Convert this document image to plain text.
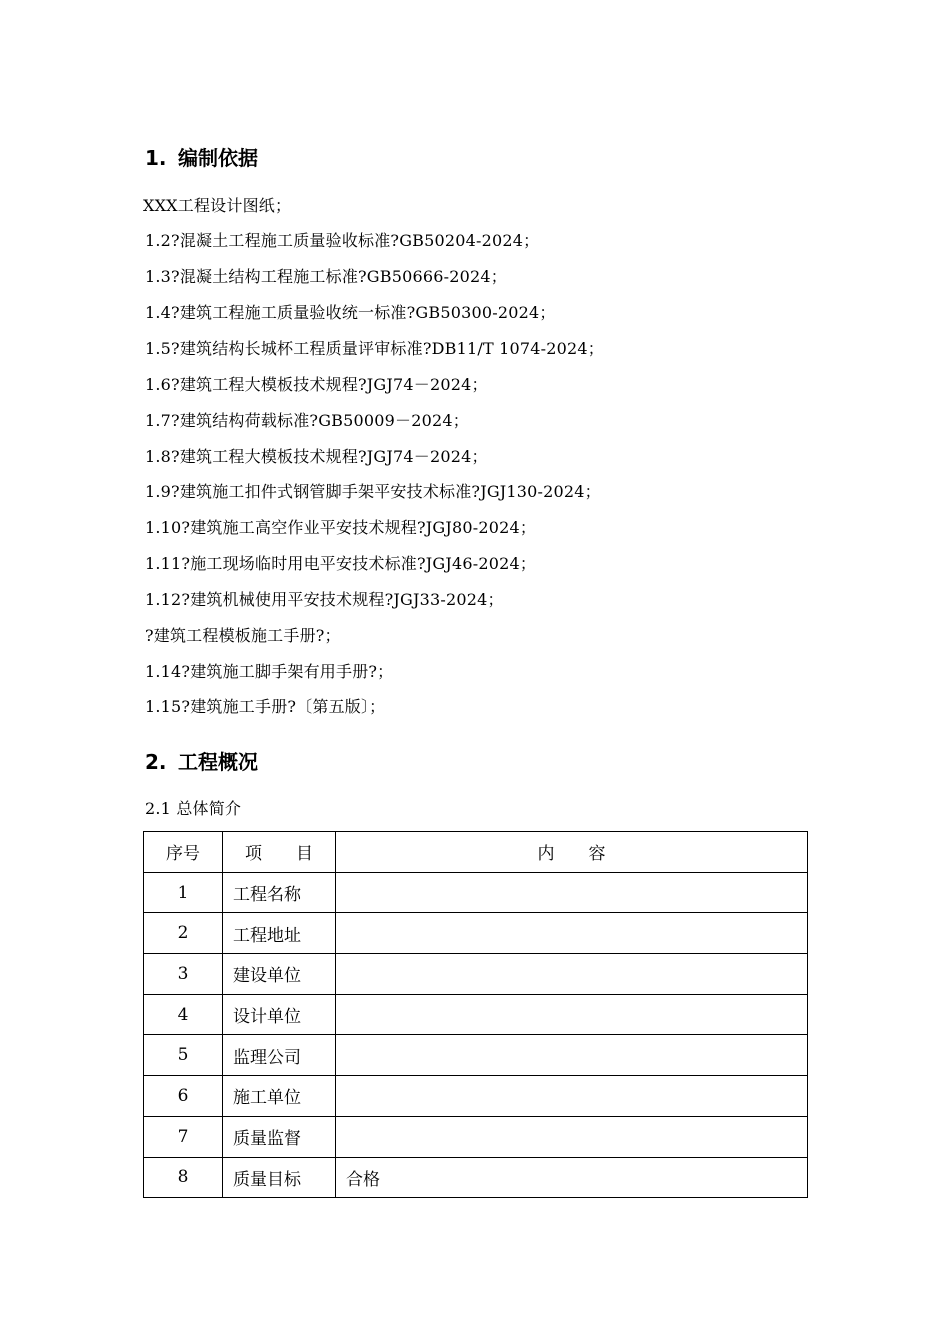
1. 编制依据
XXX工程设计图纸；
1.2?混凝土工程施工质量验收标准?GB50204-2024；
1.3?混凝土结构工程施工标准?GB50666-2024；
1.4?建筑工程施工质量验收统一标准?GB50300-2024；
1.5?建筑结构长城杯工程质量评审标准?DB11/T 1074-2024；
1.6?建筑工程大模板技术规程?JGJ74－2024；
1.7?建筑结构荷载标准?GB50009－2024；
1.8?建筑工程大模板技术规程?JGJ74－2024；
1.9?建筑施工扣件式钢管脚手架平安技术标准?JGJ130-2024；
1.10?建筑施工高空作业平安技术规程?JGJ80-2024；
1.11?施工现场临时用电平安技术标准?JGJ46-2024；
1.12?建筑机械使用平安技术规程?JGJ33-2024；
?建筑工程模板施工手册?；
1.14?建筑施工脚手架有用手册?；
1.15?建筑施工手册?〔第五版〕；
2. 工程概况
2.1 总体简介
序号	项　　目	内　　容
1	工程名称	
2	工程地址	
3	建设单位	
4	设计单位	
5	监理公司	
6	施工单位	
7	质量监督	
8	质量目标	合格
